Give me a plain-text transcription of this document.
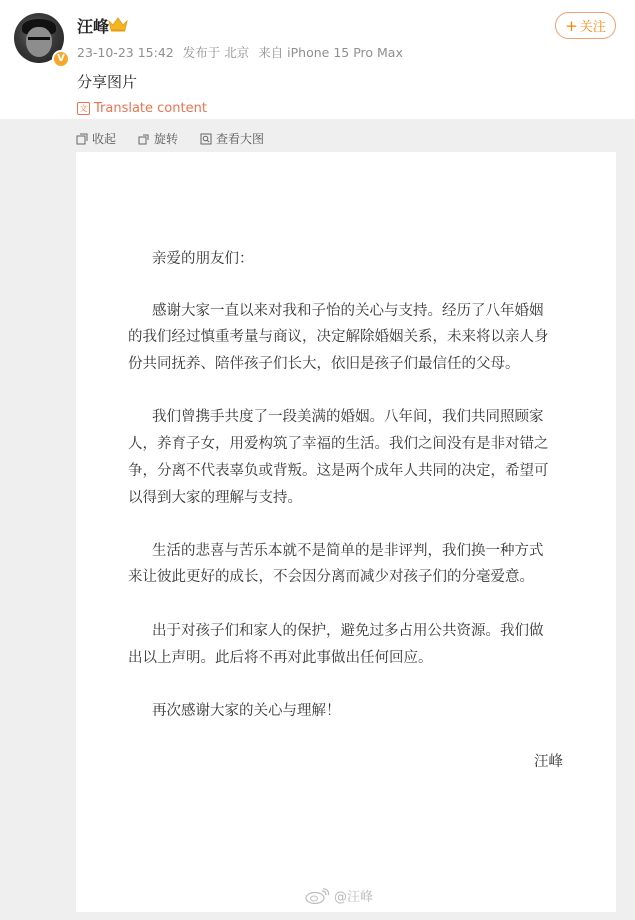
V
汪峰
23-10-23 15:42 发布于 北京 来自 iPhone 15 Pro Max
+ 关注
分享图片
文 Translate content
收起	旋转	查看大图
亲爱的朋友们：
感谢大家一直以来对我和子怡的关心与支持。经历了八年婚姻
的我们经过慎重考量与商议，决定解除婚姻关系，未来将以亲人身
份共同抚养、陪伴孩子们长大，依旧是孩子们最信任的父母。
我们曾携手共度了一段美满的婚姻。八年间，我们共同照顾家
人，养育子女，用爱构筑了幸福的生活。我们之间没有是非对错之
争，分离不代表辜负或背叛。这是两个成年人共同的决定，希望可
以得到大家的理解与支持。
生活的悲喜与苦乐本就不是简单的是非评判，我们换一种方式
来让彼此更好的成长，不会因分离而减少对孩子们的分毫爱意。
出于对孩子们和家人的保护，避免过多占用公共资源。我们做
出以上声明。此后将不再对此事做出任何回应。
再次感谢大家的关心与理解！
汪峰
@汪峰
